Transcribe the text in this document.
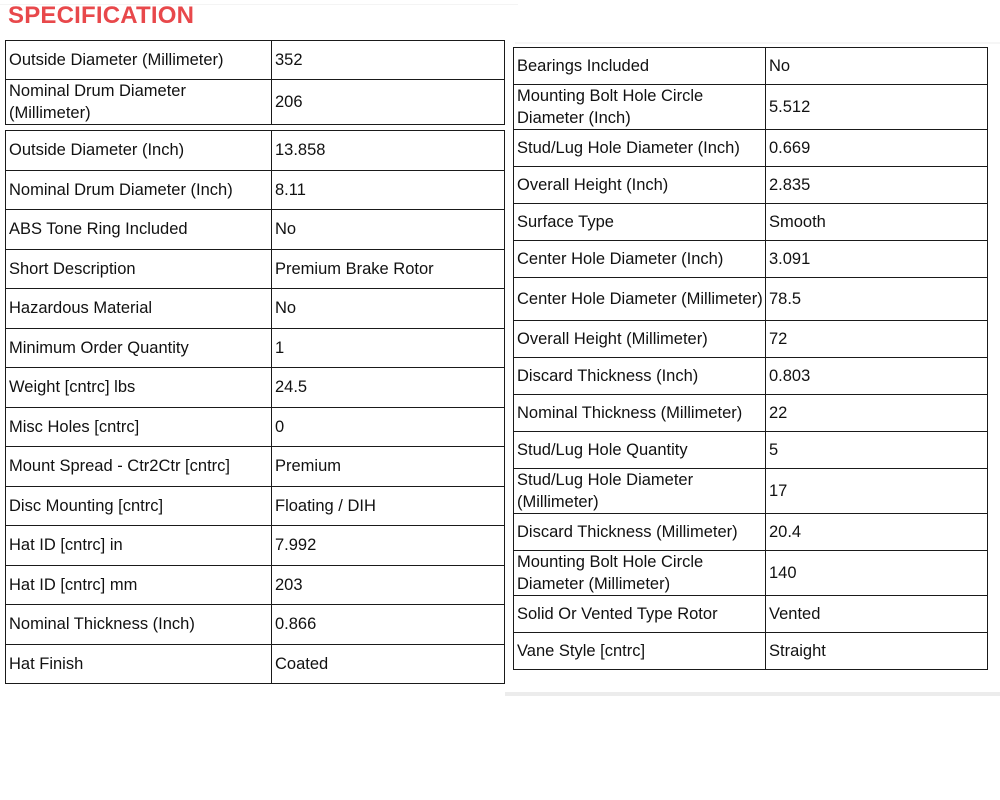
SPECIFICATION
Outside Diameter (Millimeter)	352
Nominal Drum Diameter (Millimeter)	206
Outside Diameter (Inch)	13.858
Nominal Drum Diameter (Inch)	8.11
ABS Tone Ring Included	No
Short Description	Premium Brake Rotor
Hazardous Material	No
Minimum Order Quantity	1
Weight [cntrc] lbs	24.5
Misc Holes [cntrc]	0
Mount Spread - Ctr2Ctr [cntrc]	Premium
Disc Mounting [cntrc]	Floating / DIH
Hat ID [cntrc] in	7.992
Hat ID [cntrc] mm	203
Nominal Thickness (Inch)	0.866
Hat Finish	Coated
Bearings Included	No
Mounting Bolt Hole Circle Diameter (Inch)	5.512
Stud/Lug Hole Diameter (Inch)	0.669
Overall Height (Inch)	2.835
Surface Type	Smooth
Center Hole Diameter (Inch)	3.091
Center Hole Diameter (Millimeter)	78.5
Overall Height (Millimeter)	72
Discard Thickness (Inch)	0.803
Nominal Thickness (Millimeter)	22
Stud/Lug Hole Quantity	5
Stud/Lug Hole Diameter (Millimeter)	17
Discard Thickness (Millimeter)	20.4
Mounting Bolt Hole Circle Diameter (Millimeter)	140
Solid Or Vented Type Rotor	Vented
Vane Style [cntrc]	Straight
